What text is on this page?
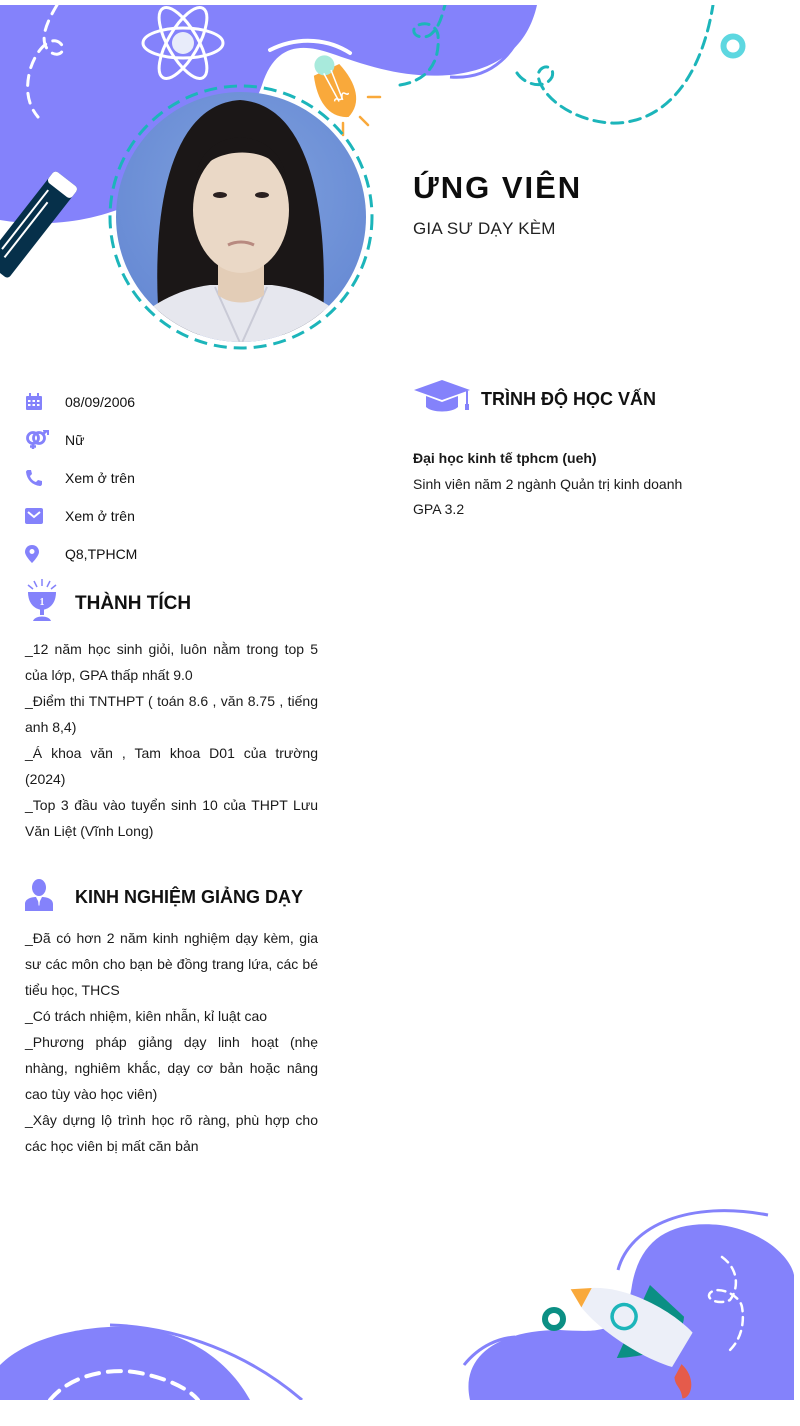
ỨNG VIÊN
GIA SƯ DẠY KÈM
08/09/2006
Nữ
Xem ở trên
Xem ở trên
Q8,TPHCM
TRÌNH ĐỘ HỌC VẤN
Đại học kinh tế tphcm (ueh)
Sinh viên năm 2 ngành Quản trị kinh doanh
GPA 3.2
1 THÀNH TÍCH

_12 năm học sinh giỏi, luôn nằm trong top 5 của lớp, GPA thấp nhất 9.0

_Điểm thi TNTHPT ( toán 8.6 , văn 8.75 , tiếng anh 8,4)

_Á khoa văn , Tam khoa D01 của trường (2024)

_Top 3 đầu vào tuyển sinh 10 của THPT Lưu Văn Liệt (Vĩnh Long)

KINH NGHIỆM GIẢNG DẠY

_Đã có hơn 2 năm kinh nghiệm dạy kèm, gia sư các môn cho bạn bè đồng trang lứa, các bé tiểu học, THCS

_Có trách nhiệm, kiên nhẫn, kỉ luật cao

_Phương pháp giảng dạy linh hoạt (nhẹ nhàng, nghiêm khắc, dạy cơ bản hoặc nâng cao tùy vào học viên)

_Xây dựng lộ trình học rõ ràng, phù hợp cho các học viên bị mất căn bản
